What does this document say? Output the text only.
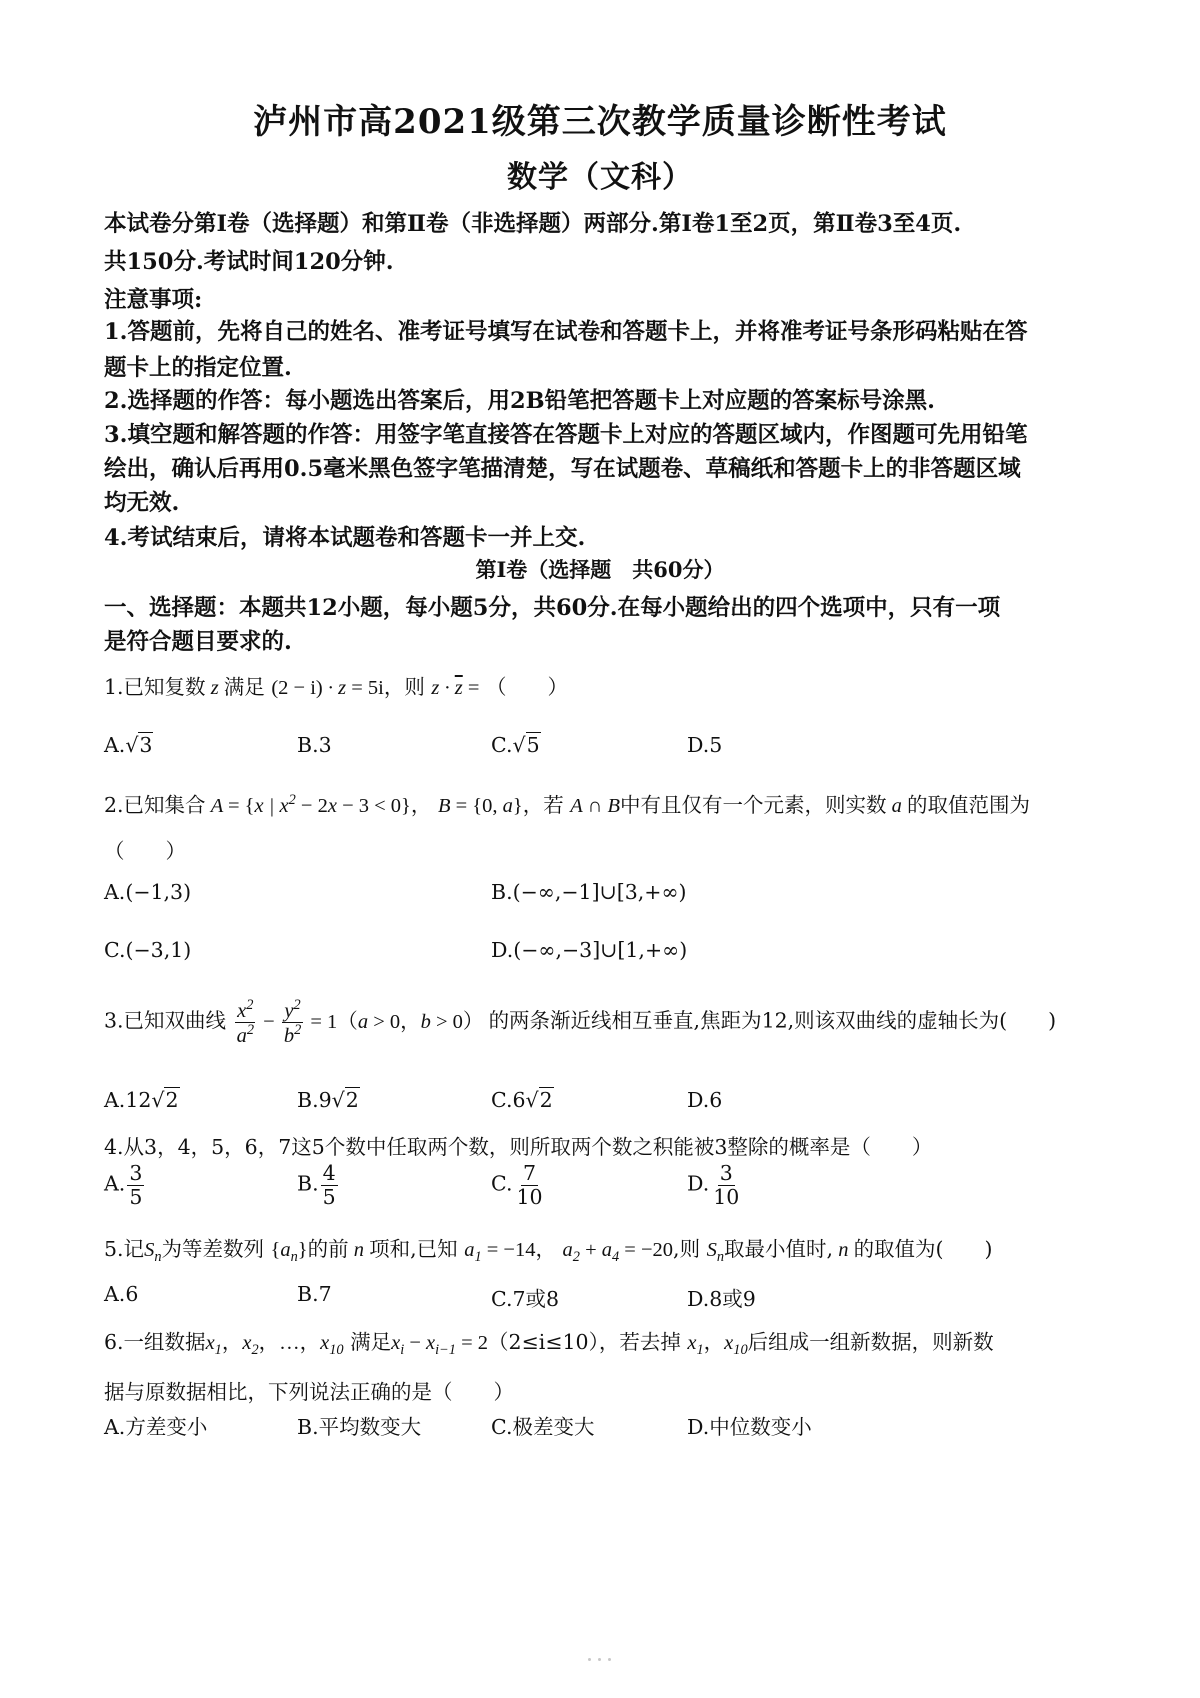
泸州市高2021级第三次教学质量诊断性考试
数学（文科）
本试卷分第Ⅰ卷（选择题）和第Ⅱ卷（非选择题）两部分.第Ⅰ卷1至2页，第Ⅱ卷3至4页.
共150分.考试时间120分钟.
注意事项:
1.答题前，先将自己的姓名、准考证号填写在试卷和答题卡上，并将准考证号条形码粘贴在答
题卡上的指定位置.
2.选择题的作答：每小题选出答案后，用2B铅笔把答题卡上对应题的答案标号涂黑.
3.填空题和解答题的作答：用签字笔直接答在答题卡上对应的答题区域内，作图题可先用铅笔
绘出，确认后再用0.5毫米黑色签字笔描清楚，写在试题卷、草稿纸和答题卡上的非答题区域
均无效.
4.考试结束后，请将本试题卷和答题卡一并上交.
第Ⅰ卷（选择题　共60分）
一、选择题：本题共12小题，每小题5分，共60分.在每小题给出的四个选项中，只有一项
是符合题目要求的.
1.已知复数 z 满足 (2 − i) · z = 5i，则 $z \cdot \overline{z}$ = （　　）
A.√3	B.3	C.√5	D.5
2.已知集合 A = {x | $x^2 - 2x - 3 < 0$}， B = {0, a}，若 A ∩ B中有且仅有一个元素，则实数 a 的取值范围为
（　　）
A.(−1,3)	B.(−∞,−1]∪[3,+∞)
C.(−3,1)	D.(−∞,−3]∪[1,+∞)
3.已知双曲线 $\frac{x^2}{a^2} - \frac{y^2}{b^2} = 1(a > 0$，b > 0） 的两条渐近线相互垂直,焦距为12,则该双曲线的虚轴长为(　　)
A.12√2	B.9√2	C.6√2	D.6
4.从3，4，5，6，7这5个数中任取两个数，则所取两个数之积能被3整除的概率是（　　）
A. $\frac{3}{5}$	B. $\frac{4}{5}$	C. $\frac{7}{10}$	D. $\frac{3}{10}$
5.记$S_n$为等差数列 $\{a_n\}$的前 n 项和,已知 $a_1 = -14$， $a_2 + a_4 = -20$,则 $S_n$取最小值时, n 的取值为(　　)
A.6	B.7	C.7或8	D.8或9
6.一组数据$x_1$，$x_2$，…，$x_{10}$ 满足$x_i - x_{i-1} = 2(2\le i\le 10)$，若去掉 $x_1$，$x_{10}$后组成一组新数据，则新数
据与原数据相比，下列说法正确的是（　　）
A.方差变小	B.平均数变大	C.极差变大	D.中位数变小
